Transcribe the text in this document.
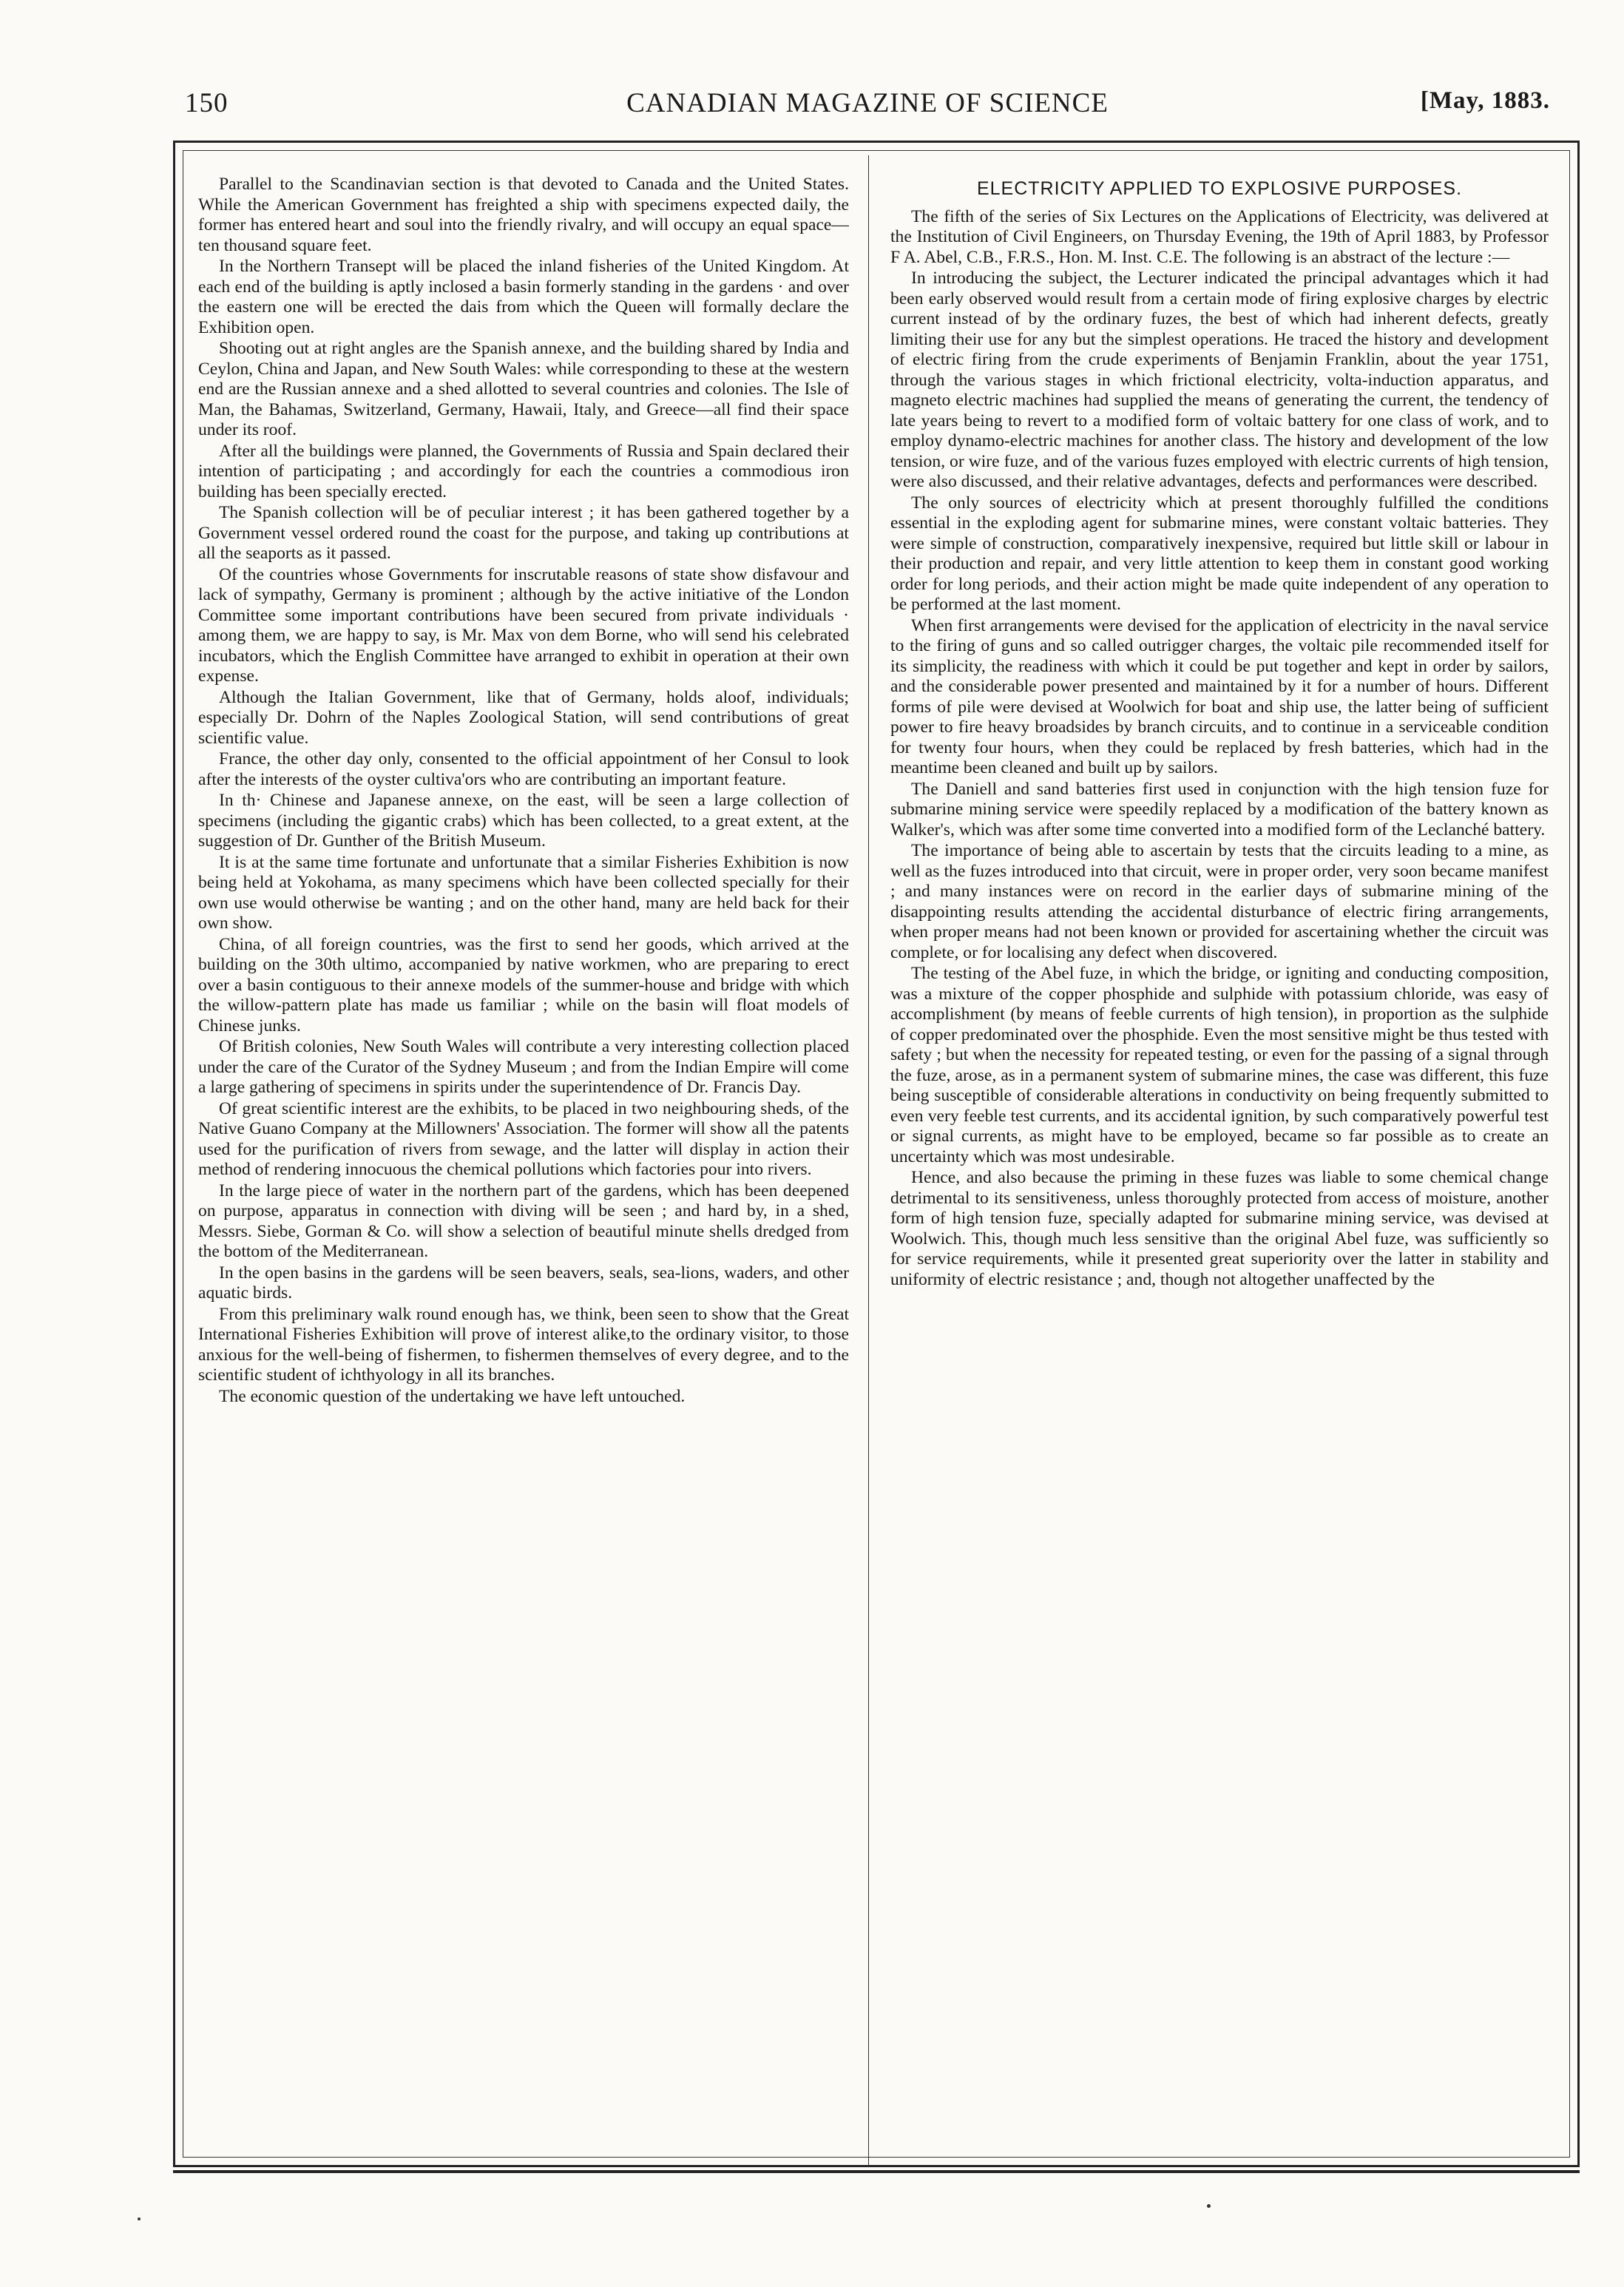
150	CANADIAN MAGAZINE OF SCIENCE	[May, 1883.

Parallel to the Scandinavian section is that devoted to Canada and the United States. While the American Government has freighted a ship with specimens expected daily, the former has entered heart and soul into the friendly rivalry, and will occupy an equal space—ten thousand square feet.

In the Northern Transept will be placed the inland fisheries of the United Kingdom. At each end of the building is aptly inclosed a basin formerly standing in the gardens · and over the eastern one will be erected the dais from which the Queen will formally declare the Exhibition open.

Shooting out at right angles are the Spanish annexe, and the building shared by India and Ceylon, China and Japan, and New South Wales: while corresponding to these at the western end are the Russian annexe and a shed allotted to several countries and colonies. The Isle of Man, the Bahamas, Switzerland, Germany, Hawaii, Italy, and Greece—all find their space under its roof.

After all the buildings were planned, the Governments of Russia and Spain declared their intention of participating ; and accordingly for each the countries a commodious iron building has been specially erected.

The Spanish collection will be of peculiar interest ; it has been gathered together by a Government vessel ordered round the coast for the purpose, and taking up contributions at all the seaports as it passed.

Of the countries whose Governments for inscrutable reasons of state show disfavour and lack of sympathy, Germany is prominent ; although by the active initiative of the London Committee some important contributions have been secured from private individuals · among them, we are happy to say, is Mr. Max von dem Borne, who will send his celebrated incubators, which the English Committee have arranged to exhibit in operation at their own expense.

Although the Italian Government, like that of Germany, holds aloof, individuals; especially Dr. Dohrn of the Naples Zoological Station, will send contributions of great scientific value.

France, the other day only, consented to the official appointment of her Consul to look after the interests of the oyster cultiva'ors who are contributing an important feature.

In th· Chinese and Japanese annexe, on the east, will be seen a large collection of specimens (including the gigantic crabs) which has been collected, to a great extent, at the suggestion of Dr. Gunther of the British Museum.

It is at the same time fortunate and unfortunate that a similar Fisheries Exhibition is now being held at Yokohama, as many specimens which have been collected specially for their own use would otherwise be wanting ; and on the other hand, many are held back for their own show.

China, of all foreign countries, was the first to send her goods, which arrived at the building on the 30th ultimo, accompanied by native workmen, who are preparing to erect over a basin contiguous to their annexe models of the summer-house and bridge with which the willow-pattern plate has made us familiar ; while on the basin will float models of Chinese junks.

Of British colonies, New South Wales will contribute a very interesting collection placed under the care of the Curator of the Sydney Museum ; and from the Indian Empire will come a large gathering of specimens in spirits under the superintendence of Dr. Francis Day.

Of great scientific interest are the exhibits, to be placed in two neighbouring sheds, of the Native Guano Company at the Millowners' Association. The former will show all the patents used for the purification of rivers from sewage, and the latter will display in action their method of rendering innocuous the chemical pollutions which factories pour into rivers.

In the large piece of water in the northern part of the gardens, which has been deepened on purpose, apparatus in connection with diving will be seen ; and hard by, in a shed, Messrs. Siebe, Gorman & Co. will show a selection of beautiful minute shells dredged from the bottom of the Mediterranean.

In the open basins in the gardens will be seen beavers, seals, sea-lions, waders, and other aquatic birds.

From this preliminary walk round enough has, we think, been seen to show that the Great International Fisheries Exhibition will prove of interest alike,to the ordinary visitor, to those anxious for the well-being of fishermen, to fishermen themselves of every degree, and to the scientific student of ichthyology in all its branches.

The economic question of the undertaking we have left untouched.

ELECTRICITY APPLIED TO EXPLOSIVE PURPOSES.

The fifth of the series of Six Lectures on the Applications of Electricity, was delivered at the Institution of Civil Engineers, on Thursday Evening, the 19th of April 1883, by Professor F A. Abel, C.B., F.R.S., Hon. M. Inst. C.E. The following is an abstract of the lecture :—

In introducing the subject, the Lecturer indicated the principal advantages which it had been early observed would result from a certain mode of firing explosive charges by electric current instead of by the ordinary fuzes, the best of which had inherent defects, greatly limiting their use for any but the simplest operations. He traced the history and development of electric firing from the crude experiments of Benjamin Franklin, about the year 1751, through the various stages in which frictional electricity, volta-induction apparatus, and magneto electric machines had supplied the means of generating the current, the tendency of late years being to revert to a modified form of voltaic battery for one class of work, and to employ dynamo-electric machines for another class. The history and development of the low tension, or wire fuze, and of the various fuzes employed with electric currents of high tension, were also discussed, and their relative advantages, defects and performances were described.

The only sources of electricity which at present thoroughly fulfilled the conditions essential in the exploding agent for submarine mines, were constant voltaic batteries. They were simple of construction, comparatively inexpensive, required but little skill or labour in their production and repair, and very little attention to keep them in constant good working order for long periods, and their action might be made quite independent of any operation to be performed at the last moment.

When first arrangements were devised for the application of electricity in the naval service to the firing of guns and so called outrigger charges, the voltaic pile recommended itself for its simplicity, the readiness with which it could be put together and kept in order by sailors, and the considerable power presented and maintained by it for a number of hours. Different forms of pile were devised at Woolwich for boat and ship use, the latter being of sufficient power to fire heavy broadsides by branch circuits, and to continue in a serviceable condition for twenty four hours, when they could be replaced by fresh batteries, which had in the meantime been cleaned and built up by sailors.

The Daniell and sand batteries first used in conjunction with the high tension fuze for submarine mining service were speedily replaced by a modification of the battery known as Walker's, which was after some time converted into a modified form of the Leclanché battery.

The importance of being able to ascertain by tests that the circuits leading to a mine, as well as the fuzes introduced into that circuit, were in proper order, very soon became manifest ; and many instances were on record in the earlier days of submarine mining of the disappointing results attending the accidental disturbance of electric firing arrangements, when proper means had not been known or provided for ascertaining whether the circuit was complete, or for localising any defect when discovered.

The testing of the Abel fuze, in which the bridge, or igniting and conducting composition, was a mixture of the copper phosphide and sulphide with potassium chloride, was easy of accomplishment (by means of feeble currents of high tension), in proportion as the sulphide of copper predominated over the phosphide. Even the most sensitive might be thus tested with safety ; but when the necessity for repeated testing, or even for the passing of a signal through the fuze, arose, as in a permanent system of submarine mines, the case was different, this fuze being susceptible of considerable alterations in conductivity on being frequently submitted to even very feeble test currents, and its accidental ignition, by such comparatively powerful test or signal currents, as might have to be employed, became so far possible as to create an uncertainty which was most undesirable.

Hence, and also because the priming in these fuzes was liable to some chemical change detrimental to its sensitiveness, unless thoroughly protected from access of moisture, another form of high tension fuze, specially adapted for submarine mining service, was devised at Woolwich. This, though much less sensitive than the original Abel fuze, was sufficiently so for service requirements, while it presented great superiority over the latter in stability and uniformity of electric resistance ; and, though not altogether unaffected by the
